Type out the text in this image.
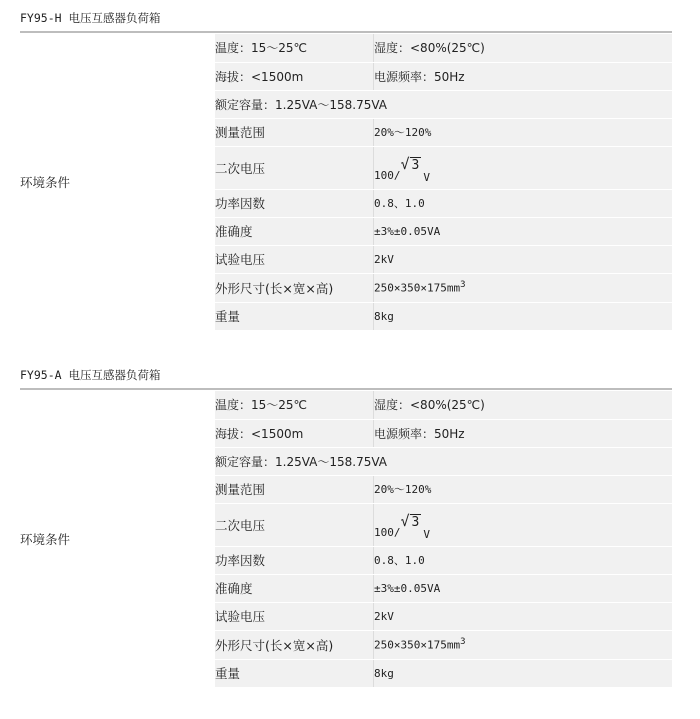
FY95-H 电压互感器负荷箱
环境条件	温度：15～25℃	湿度：<80%(25℃)
	海拔：<1500m	电源频率：50Hz
	额定容量：1.25VA～158.75VA	
	测量范围	20%～120%
	二次电压	100/√ 3V
	功率因数	0.8、1.0
	准确度	±3%±0.05VA
	试验电压	2kV
	外形尺寸(长×宽×高)	$250\times 350\times 175mm^3$
	重量	8kg
FY95-A 电压互感器负荷箱
环境条件	温度：15～25℃	湿度：<80%(25℃)
	海拔：<1500m	电源频率：50Hz
	额定容量：1.25VA～158.75VA	
	测量范围	20%～120%
	二次电压	100/√ 3V
	功率因数	0.8、1.0
	准确度	±3%±0.05VA
	试验电压	2kV
	外形尺寸(长×宽×高)	$250\times 350\times 175mm^3$
	重量	8kg
